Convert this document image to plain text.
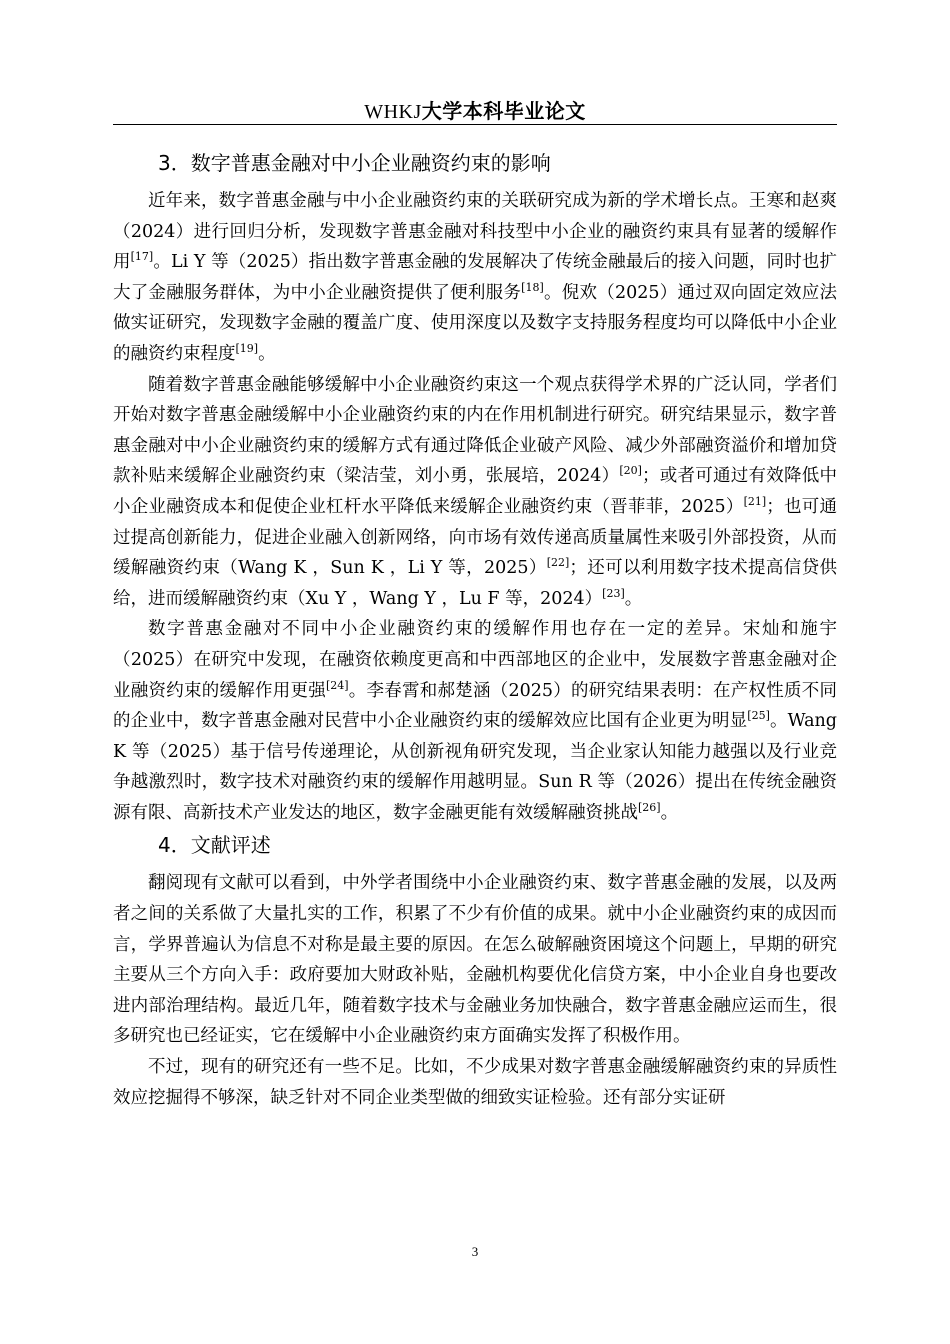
WHKJ大学本科毕业论文
3．数字普惠金融对中小企业融资约束的影响

近年来，数字普惠金融与中小企业融资约束的关联研究成为新的学术增长点。王寒和赵爽（2024）进行回归分析，发现数字普惠金融对科技型中小企业的融资约束具有显著的缓解作用[17]。Li Y 等（2025）指出数字普惠金融的发展解决了传统金融最后的接入问题，同时也扩大了金融服务群体，为中小企业融资提供了便利服务[18]。倪欢（2025）通过双向固定效应法做实证研究，发现数字金融的覆盖广度、使用深度以及数字支持服务程度均可以降低中小企业的融资约束程度[19]。

随着数字普惠金融能够缓解中小企业融资约束这一个观点获得学术界的广泛认同，学者们开始对数字普惠金融缓解中小企业融资约束的内在作用机制进行研究。研究结果显示，数字普惠金融对中小企业融资约束的缓解方式有通过降低企业破产风险、减少外部融资溢价和增加贷款补贴来缓解企业融资约束（梁洁莹，刘小勇，张展培，2024）[20]；或者可通过有效降低中小企业融资成本和促使企业杠杆水平降低来缓解企业融资约束（晋菲菲，2025）[21]；也可通过提高创新能力，促进企业融入创新网络，向市场有效传递高质量属性来吸引外部投资，从而缓解融资约束（Wang K ，Sun K ，Li Y 等，2025）[22]；还可以利用数字技术提高信贷供给，进而缓解融资约束（Xu Y ，Wang Y ，Lu F 等，2024）[23]。

数字普惠金融对不同中小企业融资约束的缓解作用也存在一定的差异。宋灿和施宇（2025）在研究中发现，在融资依赖度更高和中西部地区的企业中，发展数字普惠金融对企业融资约束的缓解作用更强[24]。李春霄和郝楚涵（2025）的研究结果表明：在产权性质不同的企业中，数字普惠金融对民营中小企业融资约束的缓解效应比国有企业更为明显[25]。Wang K 等（2025）基于信号传递理论，从创新视角研究发现，当企业家认知能力越强以及行业竞争越激烈时，数字技术对融资约束的缓解作用越明显。Sun R 等（2026）提出在传统金融资源有限、高新技术产业发达的地区，数字金融更能有效缓解融资挑战[26]。

4．文献评述

翻阅现有文献可以看到，中外学者围绕中小企业融资约束、数字普惠金融的发展，以及两者之间的关系做了大量扎实的工作，积累了不少有价值的成果。就中小企业融资约束的成因而言，学界普遍认为信息不对称是最主要的原因。在怎么破解融资困境这个问题上，早期的研究主要从三个方向入手：政府要加大财政补贴，金融机构要优化信贷方案，中小企业自身也要改进内部治理结构。最近几年，随着数字技术与金融业务加快融合，数字普惠金融应运而生，很多研究也已经证实，它在缓解中小企业融资约束方面确实发挥了积极作用。

不过，现有的研究还有一些不足。比如，不少成果对数字普惠金融缓解融资约束的异质性效应挖掘得不够深，缺乏针对不同企业类型做的细致实证检验。还有部分实证研

3
